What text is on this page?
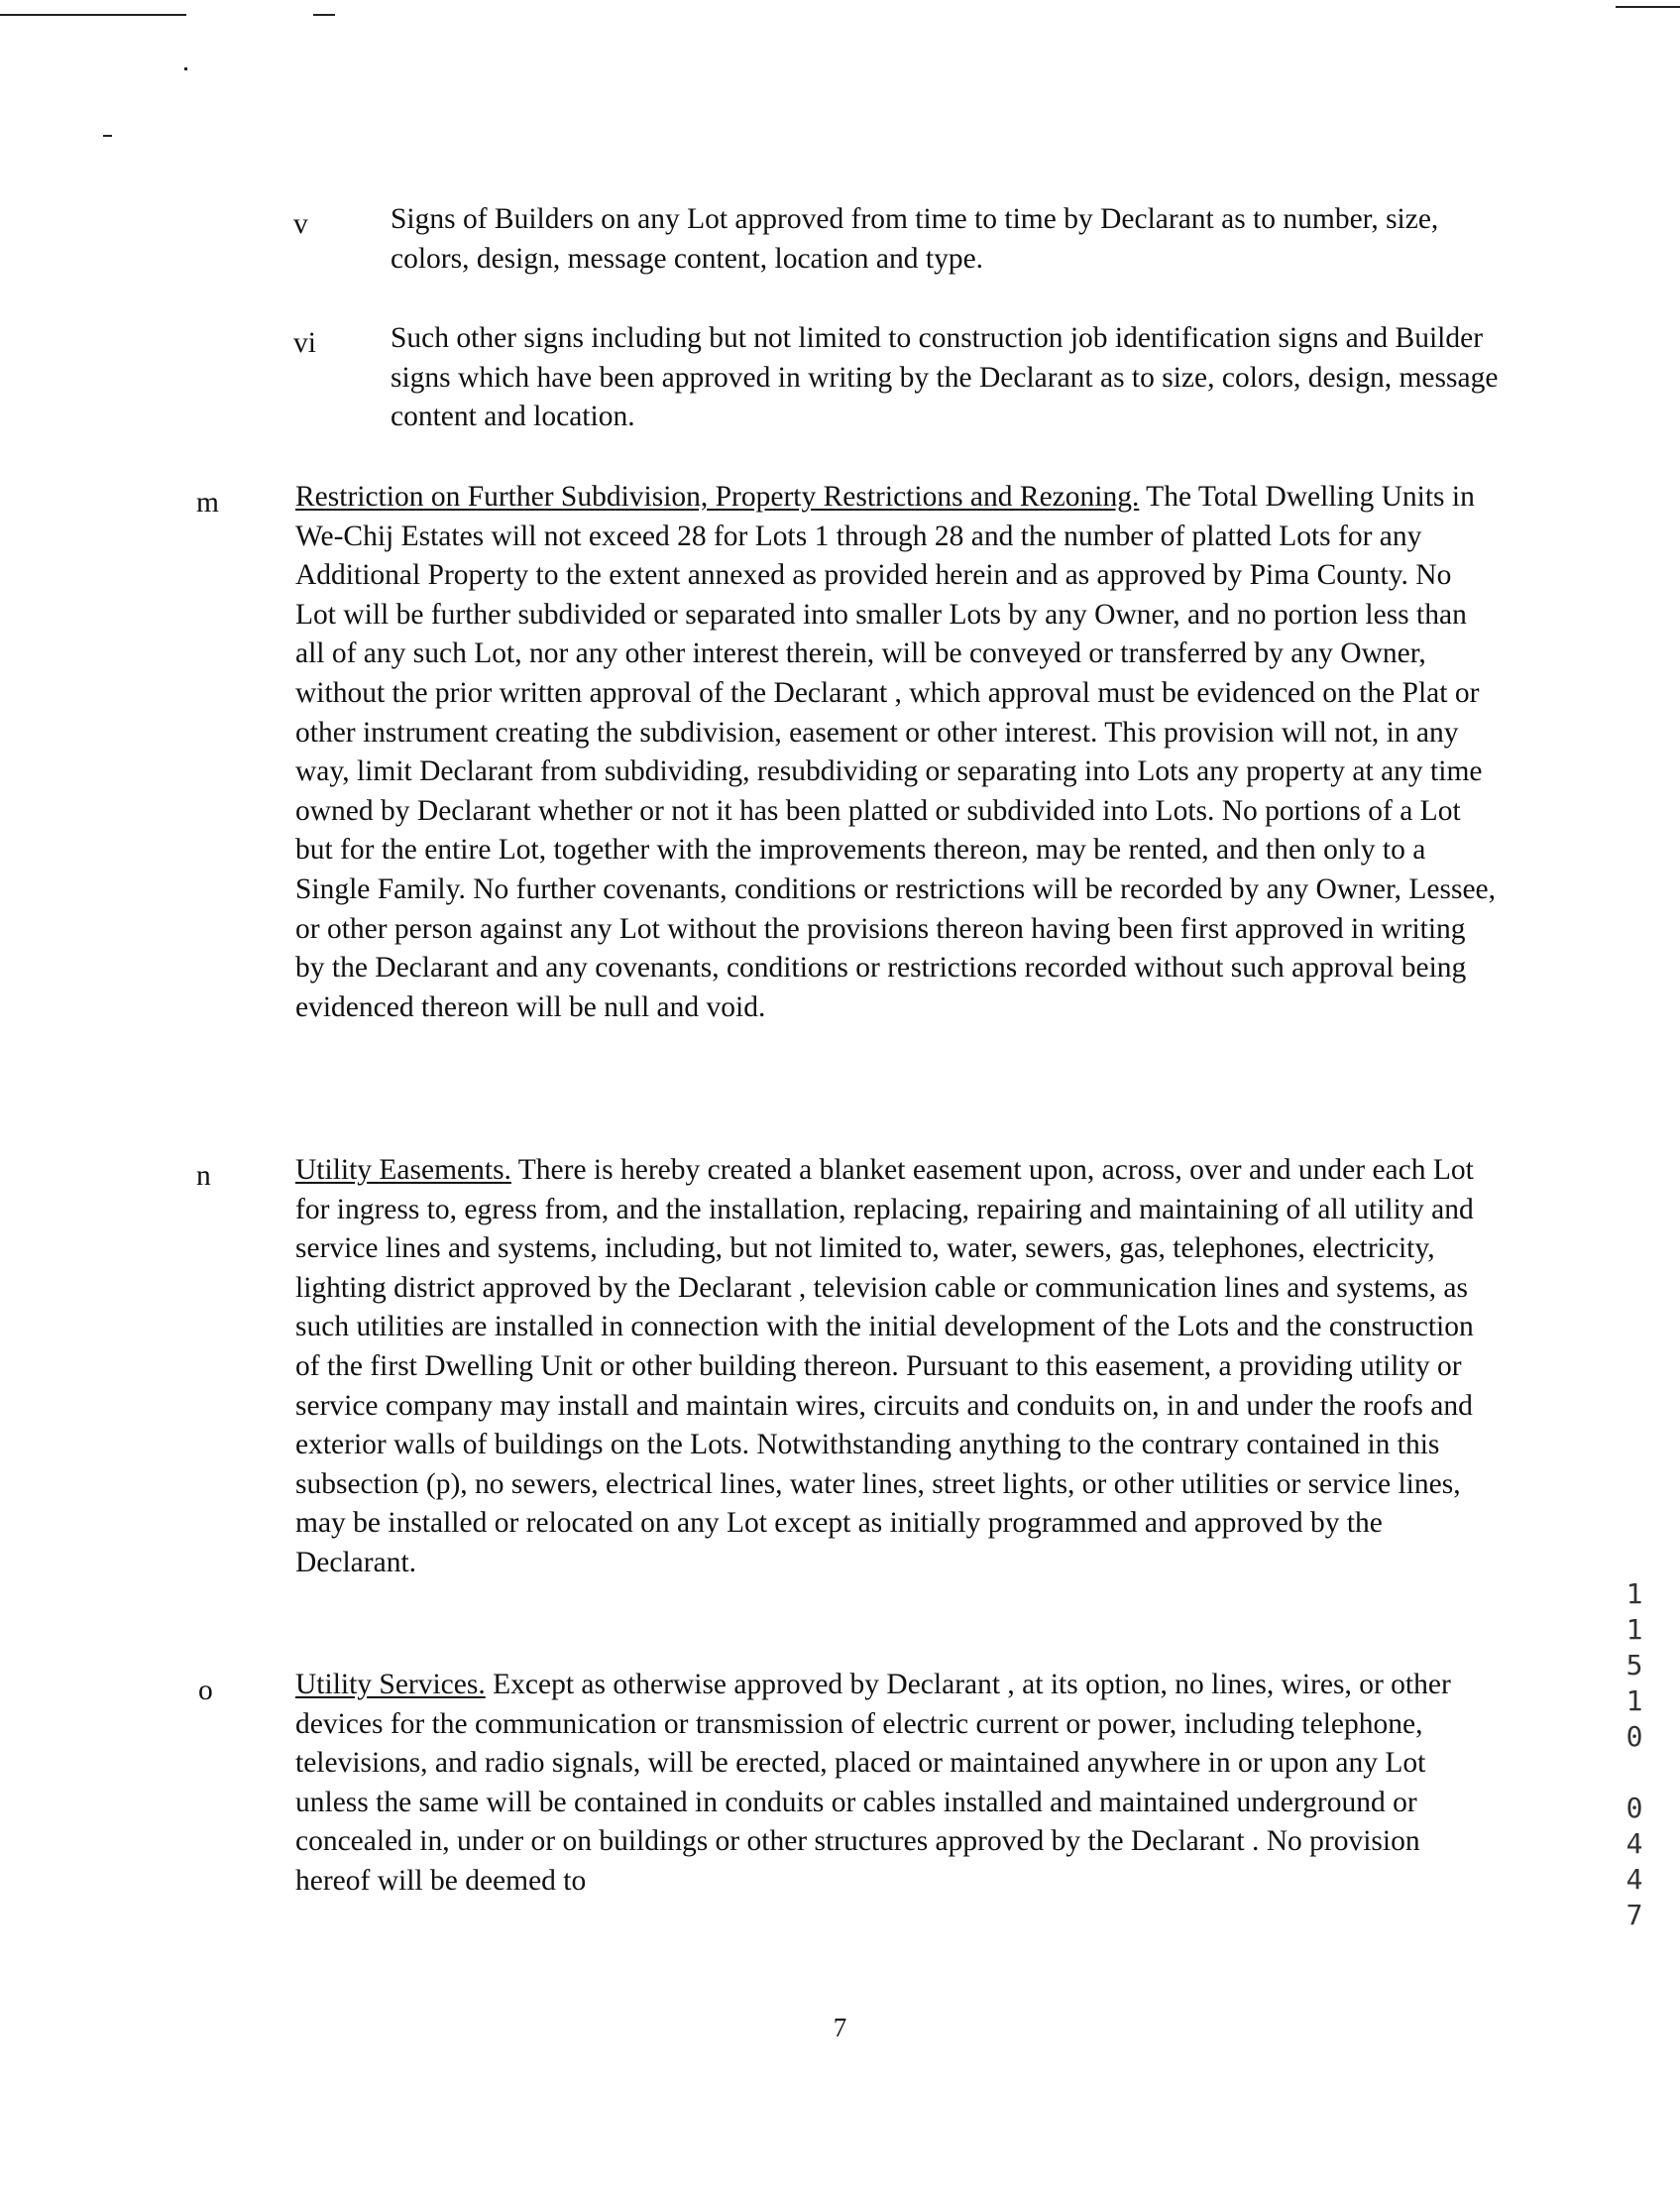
v	Signs of Builders on any Lot approved from time to time by Declarant as to number, size, colors, design, message content, location and type.
vi	Such other signs including but not limited to construction job identification signs and Builder signs which have been approved in writing by the Declarant as to size, colors, design, message content and location.
m	Restriction on Further Subdivision, Property Restrictions and Rezoning. The Total Dwelling Units in We-Chij Estates will not exceed 28 for Lots 1 through 28 and the number of platted Lots for any Additional Property to the extent annexed as provided herein and as approved by Pima County. No Lot will be further subdivided or separated into smaller Lots by any Owner, and no portion less than all of any such Lot, nor any other interest therein, will be conveyed or transferred by any Owner, without the prior written approval of the Declarant , which approval must be evidenced on the Plat or other instrument creating the subdivision, easement or other interest. This provision will not, in any way, limit Declarant from subdividing, resubdividing or separating into Lots any property at any time owned by Declarant whether or not it has been platted or subdivided into Lots. No portions of a Lot but for the entire Lot, together with the improvements thereon, may be rented, and then only to a Single Family. No further covenants, conditions or restrictions will be recorded by any Owner, Lessee, or other person against any Lot without the provisions thereon having been first approved in writing by the Declarant and any covenants, conditions or restrictions recorded without such approval being evidenced thereon will be null and void.
n	Utility Easements. There is hereby created a blanket easement upon, across, over and under each Lot for ingress to, egress from, and the installation, replacing, repairing and maintaining of all utility and service lines and systems, including, but not limited to, water, sewers, gas, telephones, electricity, lighting district approved by the Declarant , television cable or communication lines and systems, as such utilities are installed in connection with the initial development of the Lots and the construction of the first Dwelling Unit or other building thereon. Pursuant to this easement, a providing utility or service company may install and maintain wires, circuits and conduits on, in and under the roofs and exterior walls of buildings on the Lots. Notwithstanding anything to the contrary contained in this subsection (p), no sewers, electrical lines, water lines, street lights, or other utilities or service lines, may be installed or relocated on any Lot except as initially programmed and approved by the Declarant.
o	Utility Services. Except as otherwise approved by Declarant , at its option, no lines, wires, or other devices for the communication or transmission of electric current or power, including telephone, televisions, and radio signals, will be erected, placed or maintained anywhere in or upon any Lot unless the same will be contained in conduits or cables installed and maintained underground or concealed in, under or on buildings or other structures approved by the Declarant . No provision hereof will be deemed to
1
1
5
1
0
0
4
4
7
7
